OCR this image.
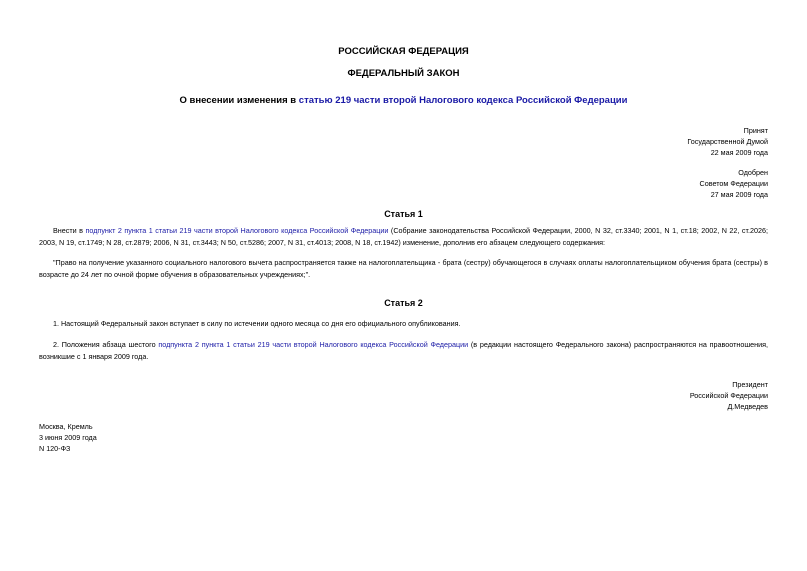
РОССИЙСКАЯ ФЕДЕРАЦИЯ
ФЕДЕРАЛЬНЫЙ ЗАКОН
О внесении изменения в статью 219 части второй Налогового кодекса Российской Федерации
Принят
Государственной Думой
22 мая 2009 года
Одобрен
Советом Федерации
27 мая 2009 года
Статья 1
Внести в подпункт 2 пункта 1 статьи 219 части второй Налогового кодекса Российской Федерации (Собрание законодательства Российской Федерации, 2000, N 32, ст.3340; 2001, N 1, ст.18; 2002, N 22, ст.2026; 2003, N 19, ст.1749; N 28, ст.2879; 2006, N 31, ст.3443; N 50, ст.5286; 2007, N 31, ст.4013; 2008, N 18, ст.1942) изменение, дополнив его абзацем следующего содержания:
"Право на получение указанного социального налогового вычета распространяется также на налогоплательщика - брата (сестру) обучающегося в случаях оплаты налогоплательщиком обучения брата (сестры) в возрасте до 24 лет по очной форме обучения в образовательных учреждениях;".
Статья 2
1. Настоящий Федеральный закон вступает в силу по истечении одного месяца со дня его официального опубликования.
2. Положения абзаца шестого подпункта 2 пункта 1 статьи 219 части второй Налогового кодекса Российской Федерации (в редакции настоящего Федерального закона) распространяются на правоотношения, возникшие с 1 января 2009 года.
Президент
Российской Федерации
Д.Медведев
Москва, Кремль
3 июня 2009 года
N 120-ФЗ
